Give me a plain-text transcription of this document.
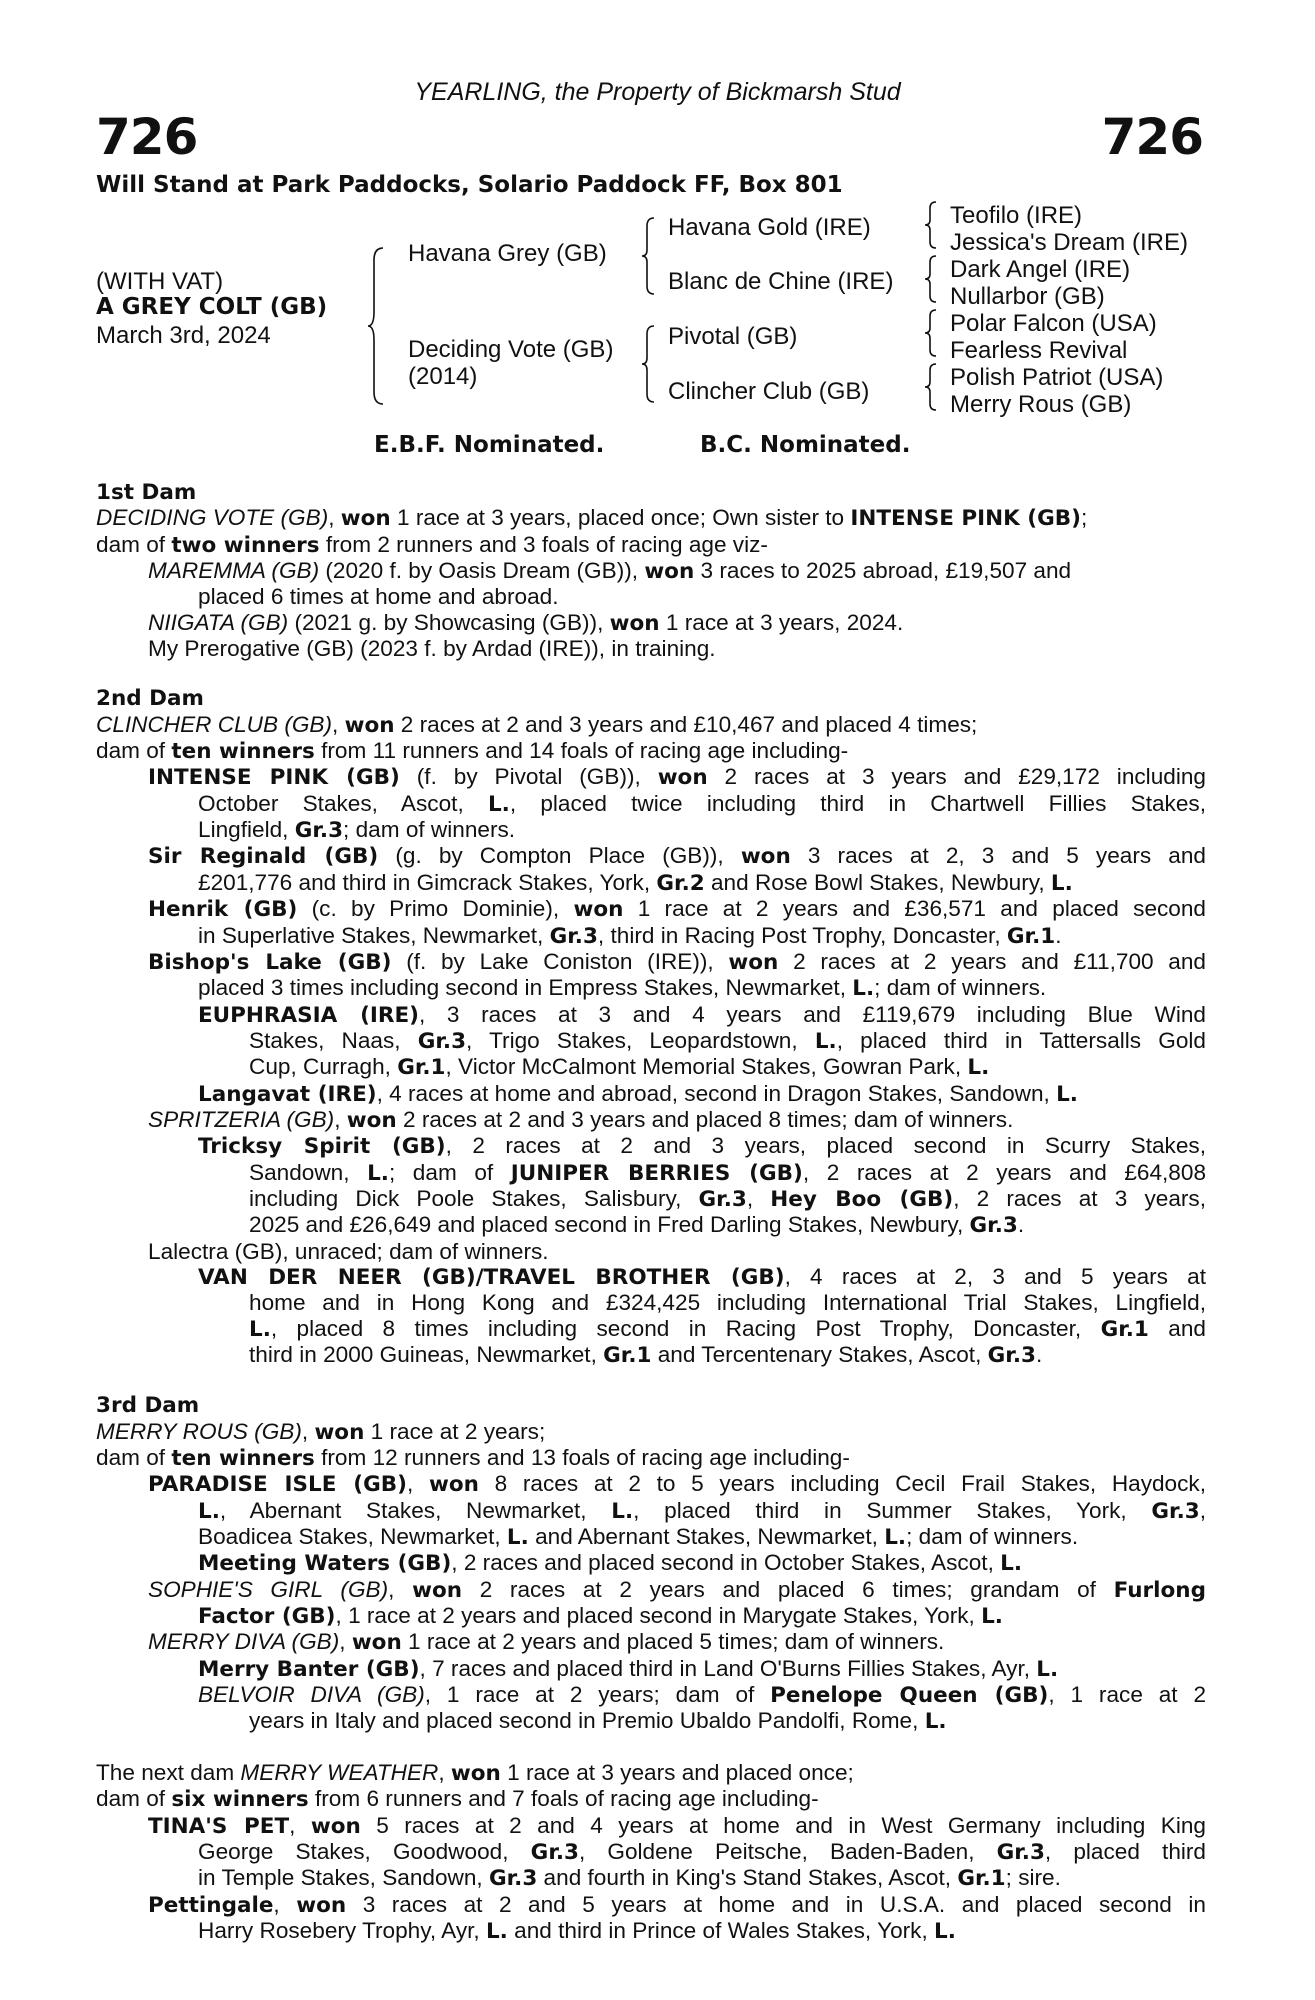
YEARLING, the Property of Bickmarsh Stud
726	726
Will Stand at Park Paddocks, Solario Paddock FF, Box 801
(WITH VAT)
A GREY COLT (GB)
March 3rd, 2024
Havana Grey (GB)
Deciding Vote (GB)
(2014)
Havana Gold (IRE)
Blanc de Chine (IRE)
Pivotal (GB)
Clincher Club (GB)
Teofilo (IRE)
Jessica's Dream (IRE)
Dark Angel (IRE)
Nullarbor (GB)
Polar Falcon (USA)
Fearless Revival
Polish Patriot (USA)
Merry Rous (GB)
E.B.F. Nominated.	B.C. Nominated.
1st Dam
DECIDING VOTE (GB), won 1 race at 3 years, placed once; Own sister to INTENSE PINK (GB);
dam of two winners from 2 runners and 3 foals of racing age viz-
MAREMMA (GB) (2020 f. by Oasis Dream (GB)), won 3 races to 2025 abroad, £19,507 and
placed 6 times at home and abroad.
NIIGATA (GB) (2021 g. by Showcasing (GB)), won 1 race at 3 years, 2024.
My Prerogative (GB) (2023 f. by Ardad (IRE)), in training.
2nd Dam
CLINCHER CLUB (GB), won 2 races at 2 and 3 years and £10,467 and placed 4 times;
dam of ten winners from 11 runners and 14 foals of racing age including-
INTENSE PINK (GB) (f. by Pivotal (GB)), won 2 races at 3 years and £29,172 including
October Stakes, Ascot, L., placed twice including third in Chartwell Fillies Stakes,
Lingfield, Gr.3; dam of winners.
Sir Reginald (GB) (g. by Compton Place (GB)), won 3 races at 2, 3 and 5 years and
£201,776 and third in Gimcrack Stakes, York, Gr.2 and Rose Bowl Stakes, Newbury, L.
Henrik (GB) (c. by Primo Dominie), won 1 race at 2 years and £36,571 and placed second
in Superlative Stakes, Newmarket, Gr.3, third in Racing Post Trophy, Doncaster, Gr.1.
Bishop's Lake (GB) (f. by Lake Coniston (IRE)), won 2 races at 2 years and £11,700 and
placed 3 times including second in Empress Stakes, Newmarket, L.; dam of winners.
EUPHRASIA (IRE), 3 races at 3 and 4 years and £119,679 including Blue Wind
Stakes, Naas, Gr.3, Trigo Stakes, Leopardstown, L., placed third in Tattersalls Gold
Cup, Curragh, Gr.1, Victor McCalmont Memorial Stakes, Gowran Park, L.
Langavat (IRE), 4 races at home and abroad, second in Dragon Stakes, Sandown, L.
SPRITZERIA (GB), won 2 races at 2 and 3 years and placed 8 times; dam of winners.
Tricksy Spirit (GB), 2 races at 2 and 3 years, placed second in Scurry Stakes,
Sandown, L.; dam of JUNIPER BERRIES (GB), 2 races at 2 years and £64,808
including Dick Poole Stakes, Salisbury, Gr.3, Hey Boo (GB), 2 races at 3 years,
2025 and £26,649 and placed second in Fred Darling Stakes, Newbury, Gr.3.
Lalectra (GB), unraced; dam of winners.
VAN DER NEER (GB)/TRAVEL BROTHER (GB), 4 races at 2, 3 and 5 years at
home and in Hong Kong and £324,425 including International Trial Stakes, Lingfield,
L., placed 8 times including second in Racing Post Trophy, Doncaster, Gr.1 and
third in 2000 Guineas, Newmarket, Gr.1 and Tercentenary Stakes, Ascot, Gr.3.
3rd Dam
MERRY ROUS (GB), won 1 race at 2 years;
dam of ten winners from 12 runners and 13 foals of racing age including-
PARADISE ISLE (GB), won 8 races at 2 to 5 years including Cecil Frail Stakes, Haydock,
L., Abernant Stakes, Newmarket, L., placed third in Summer Stakes, York, Gr.3,
Boadicea Stakes, Newmarket, L. and Abernant Stakes, Newmarket, L.; dam of winners.
Meeting Waters (GB), 2 races and placed second in October Stakes, Ascot, L.
SOPHIE'S GIRL (GB), won 2 races at 2 years and placed 6 times; grandam of Furlong
Factor (GB), 1 race at 2 years and placed second in Marygate Stakes, York, L.
MERRY DIVA (GB), won 1 race at 2 years and placed 5 times; dam of winners.
Merry Banter (GB), 7 races and placed third in Land O'Burns Fillies Stakes, Ayr, L.
BELVOIR DIVA (GB), 1 race at 2 years; dam of Penelope Queen (GB), 1 race at 2
years in Italy and placed second in Premio Ubaldo Pandolfi, Rome, L.
The next dam MERRY WEATHER, won 1 race at 3 years and placed once;
dam of six winners from 6 runners and 7 foals of racing age including-
TINA'S PET, won 5 races at 2 and 4 years at home and in West Germany including King
George Stakes, Goodwood, Gr.3, Goldene Peitsche, Baden-Baden, Gr.3, placed third
in Temple Stakes, Sandown, Gr.3 and fourth in King's Stand Stakes, Ascot, Gr.1; sire.
Pettingale, won 3 races at 2 and 5 years at home and in U.S.A. and placed second in
Harry Rosebery Trophy, Ayr, L. and third in Prince of Wales Stakes, York, L.
